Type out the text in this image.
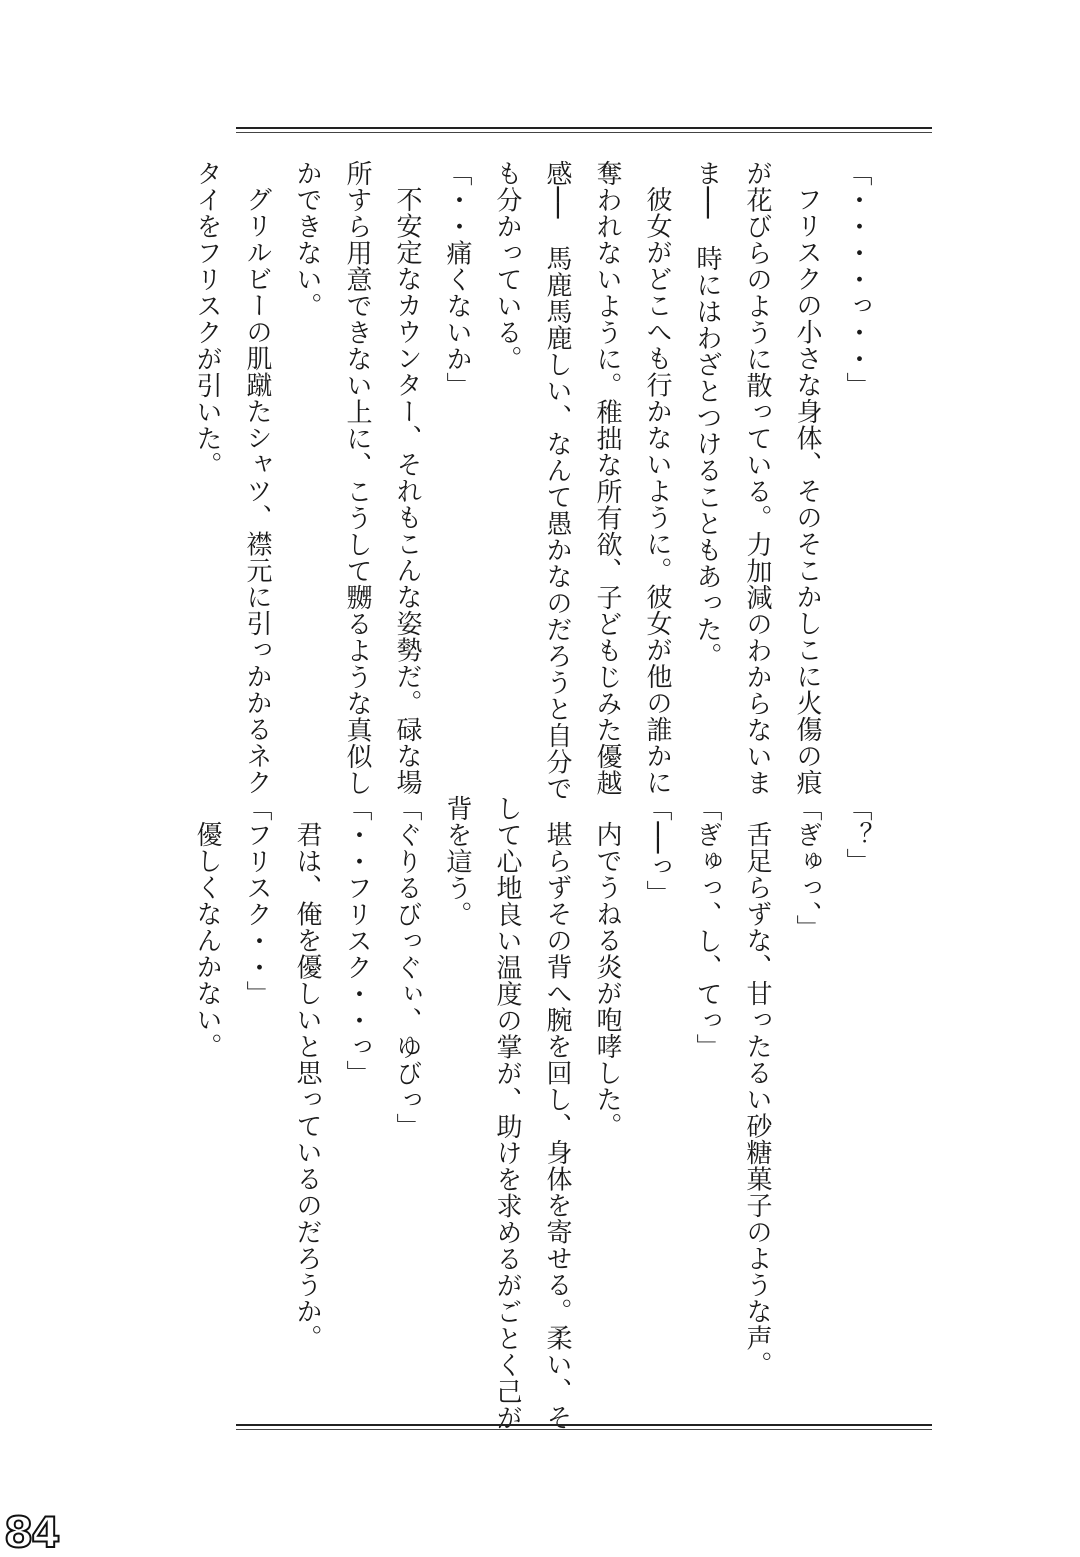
「・・・・っ・・」
フリスクの小さな身体、そのそこかしこに火傷の痕
が花びらのように散っている。力加減のわからないま
ま──　時にはわざとつけることもあった。
彼女がどこへも行かないように。彼女が他の誰かに
奪われないように。稚拙な所有欲、子どもじみた優越
感──　馬鹿馬鹿しい、なんて愚かなのだろうと自分で
も分かっている。
「・・痛くないか」
不安定なカウンター、それもこんな姿勢だ。碌な場
所すら用意できない上に、こうして嬲るような真似し
かできない。
グリルビーの肌蹴たシャツ、襟元に引っかかるネク
タイをフリスクが引いた。
「？」
「ぎゅっ、」
舌足らずな、甘ったるい砂糖菓子のような声。
「ぎゅっ、し、てっ」
「──っ」
内でうねる炎が咆哮した。
堪らずその背へ腕を回し、身体を寄せる。柔い、そ
して心地良い温度の掌が、助けを求めるがごとく己が
背を這う。
「ぐりるびっぐぃ、ゆびっ」
「・・フリスク・・っ」
君は、俺を優しいと思っているのだろうか。
「フリスク・・」
優しくなんかない。
84
